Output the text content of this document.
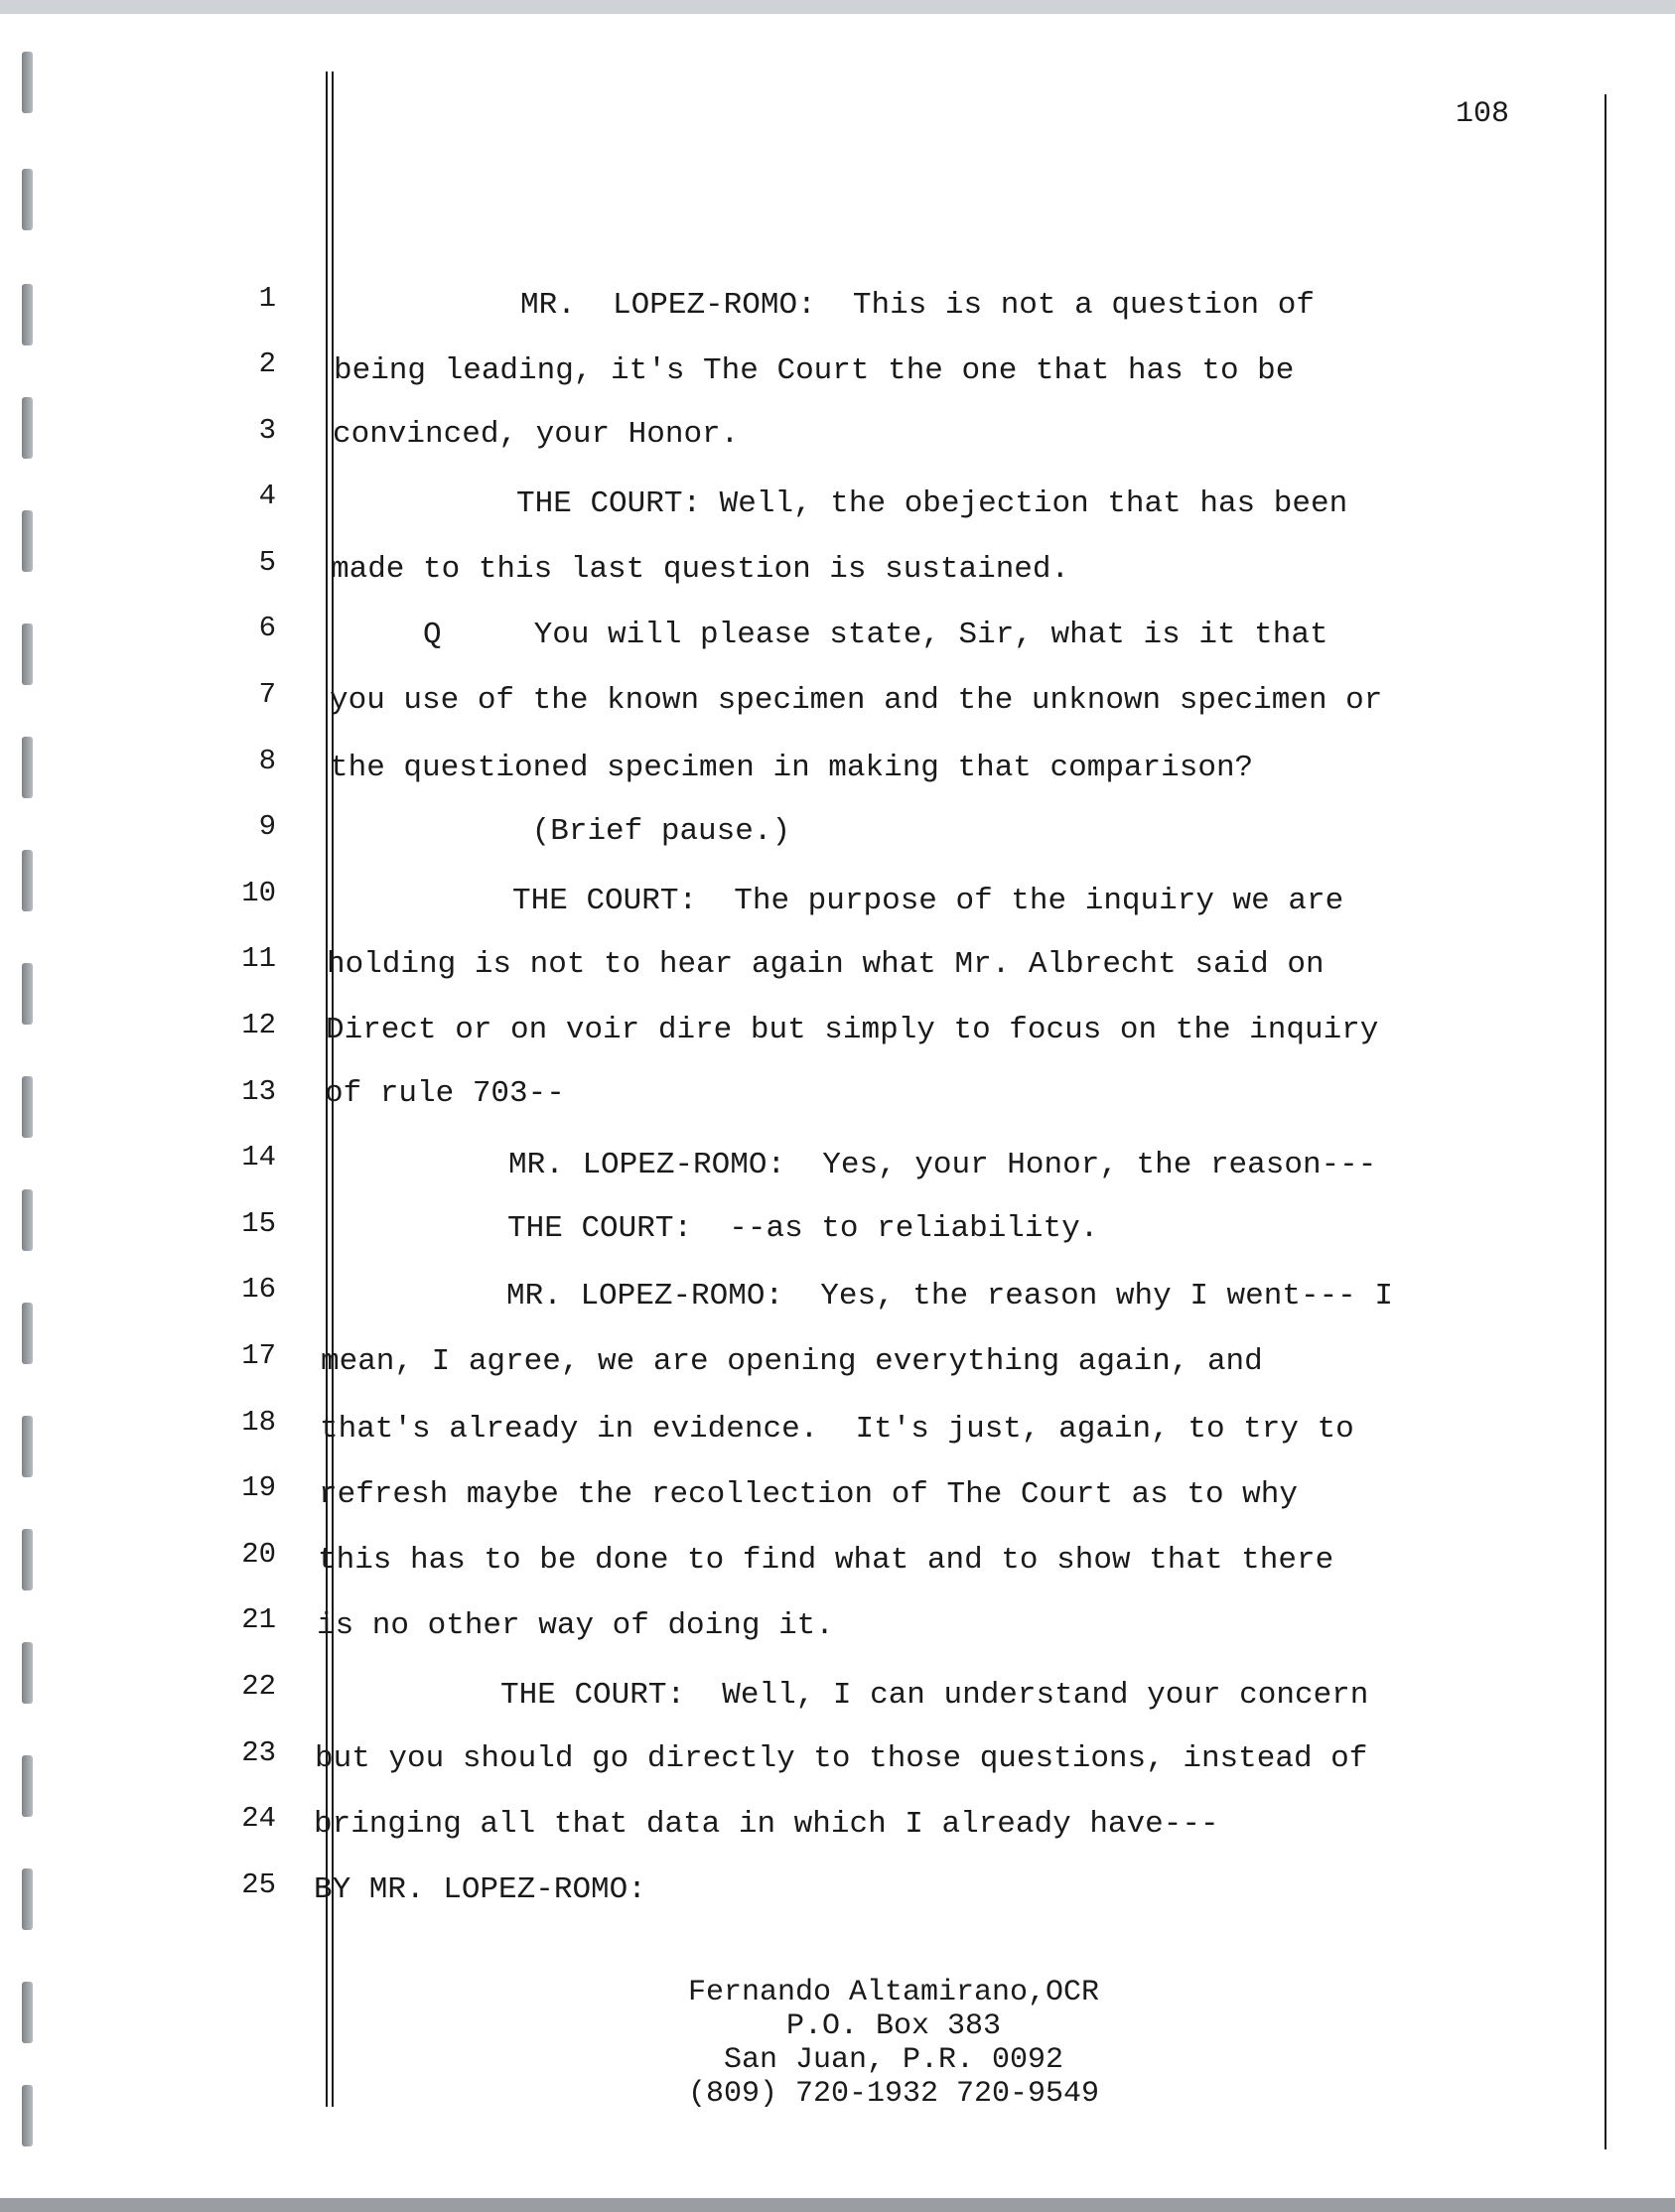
108
1
2
3
4
5
6
7
8
9
10
11
12
13
14
15
16
17
18
19
20
21
22
23
24
25
MR.  LOPEZ-ROMO:  This is not a question of
being leading, it's The Court the one that has to be
convinced, your Honor.
THE COURT: Well, the obejection that has been
made to this last question is sustained.
Q     You will please state, Sir, what is it that
you use of the known specimen and the unknown specimen or
the questioned specimen in making that comparison?
(Brief pause.)
THE COURT:  The purpose of the inquiry we are
holding is not to hear again what Mr. Albrecht said on
Direct or on voir dire but simply to focus on the inquiry
of rule 703--
MR. LOPEZ-ROMO:  Yes, your Honor, the reason---
THE COURT:  --as to reliability.
MR. LOPEZ-ROMO:  Yes, the reason why I went--- I
mean, I agree, we are opening everything again, and
that's already in evidence.  It's just, again, to try to
refresh maybe the recollection of The Court as to why
this has to be done to find what and to show that there
is no other way of doing it.
THE COURT:  Well, I can understand your concern
but you should go directly to those questions, instead of
bringing all that data in which I already have---
BY MR. LOPEZ-ROMO:
Fernando Altamirano,OCR
P.O. Box 383
San Juan, P.R. 0092
(809) 720-1932 720-9549
